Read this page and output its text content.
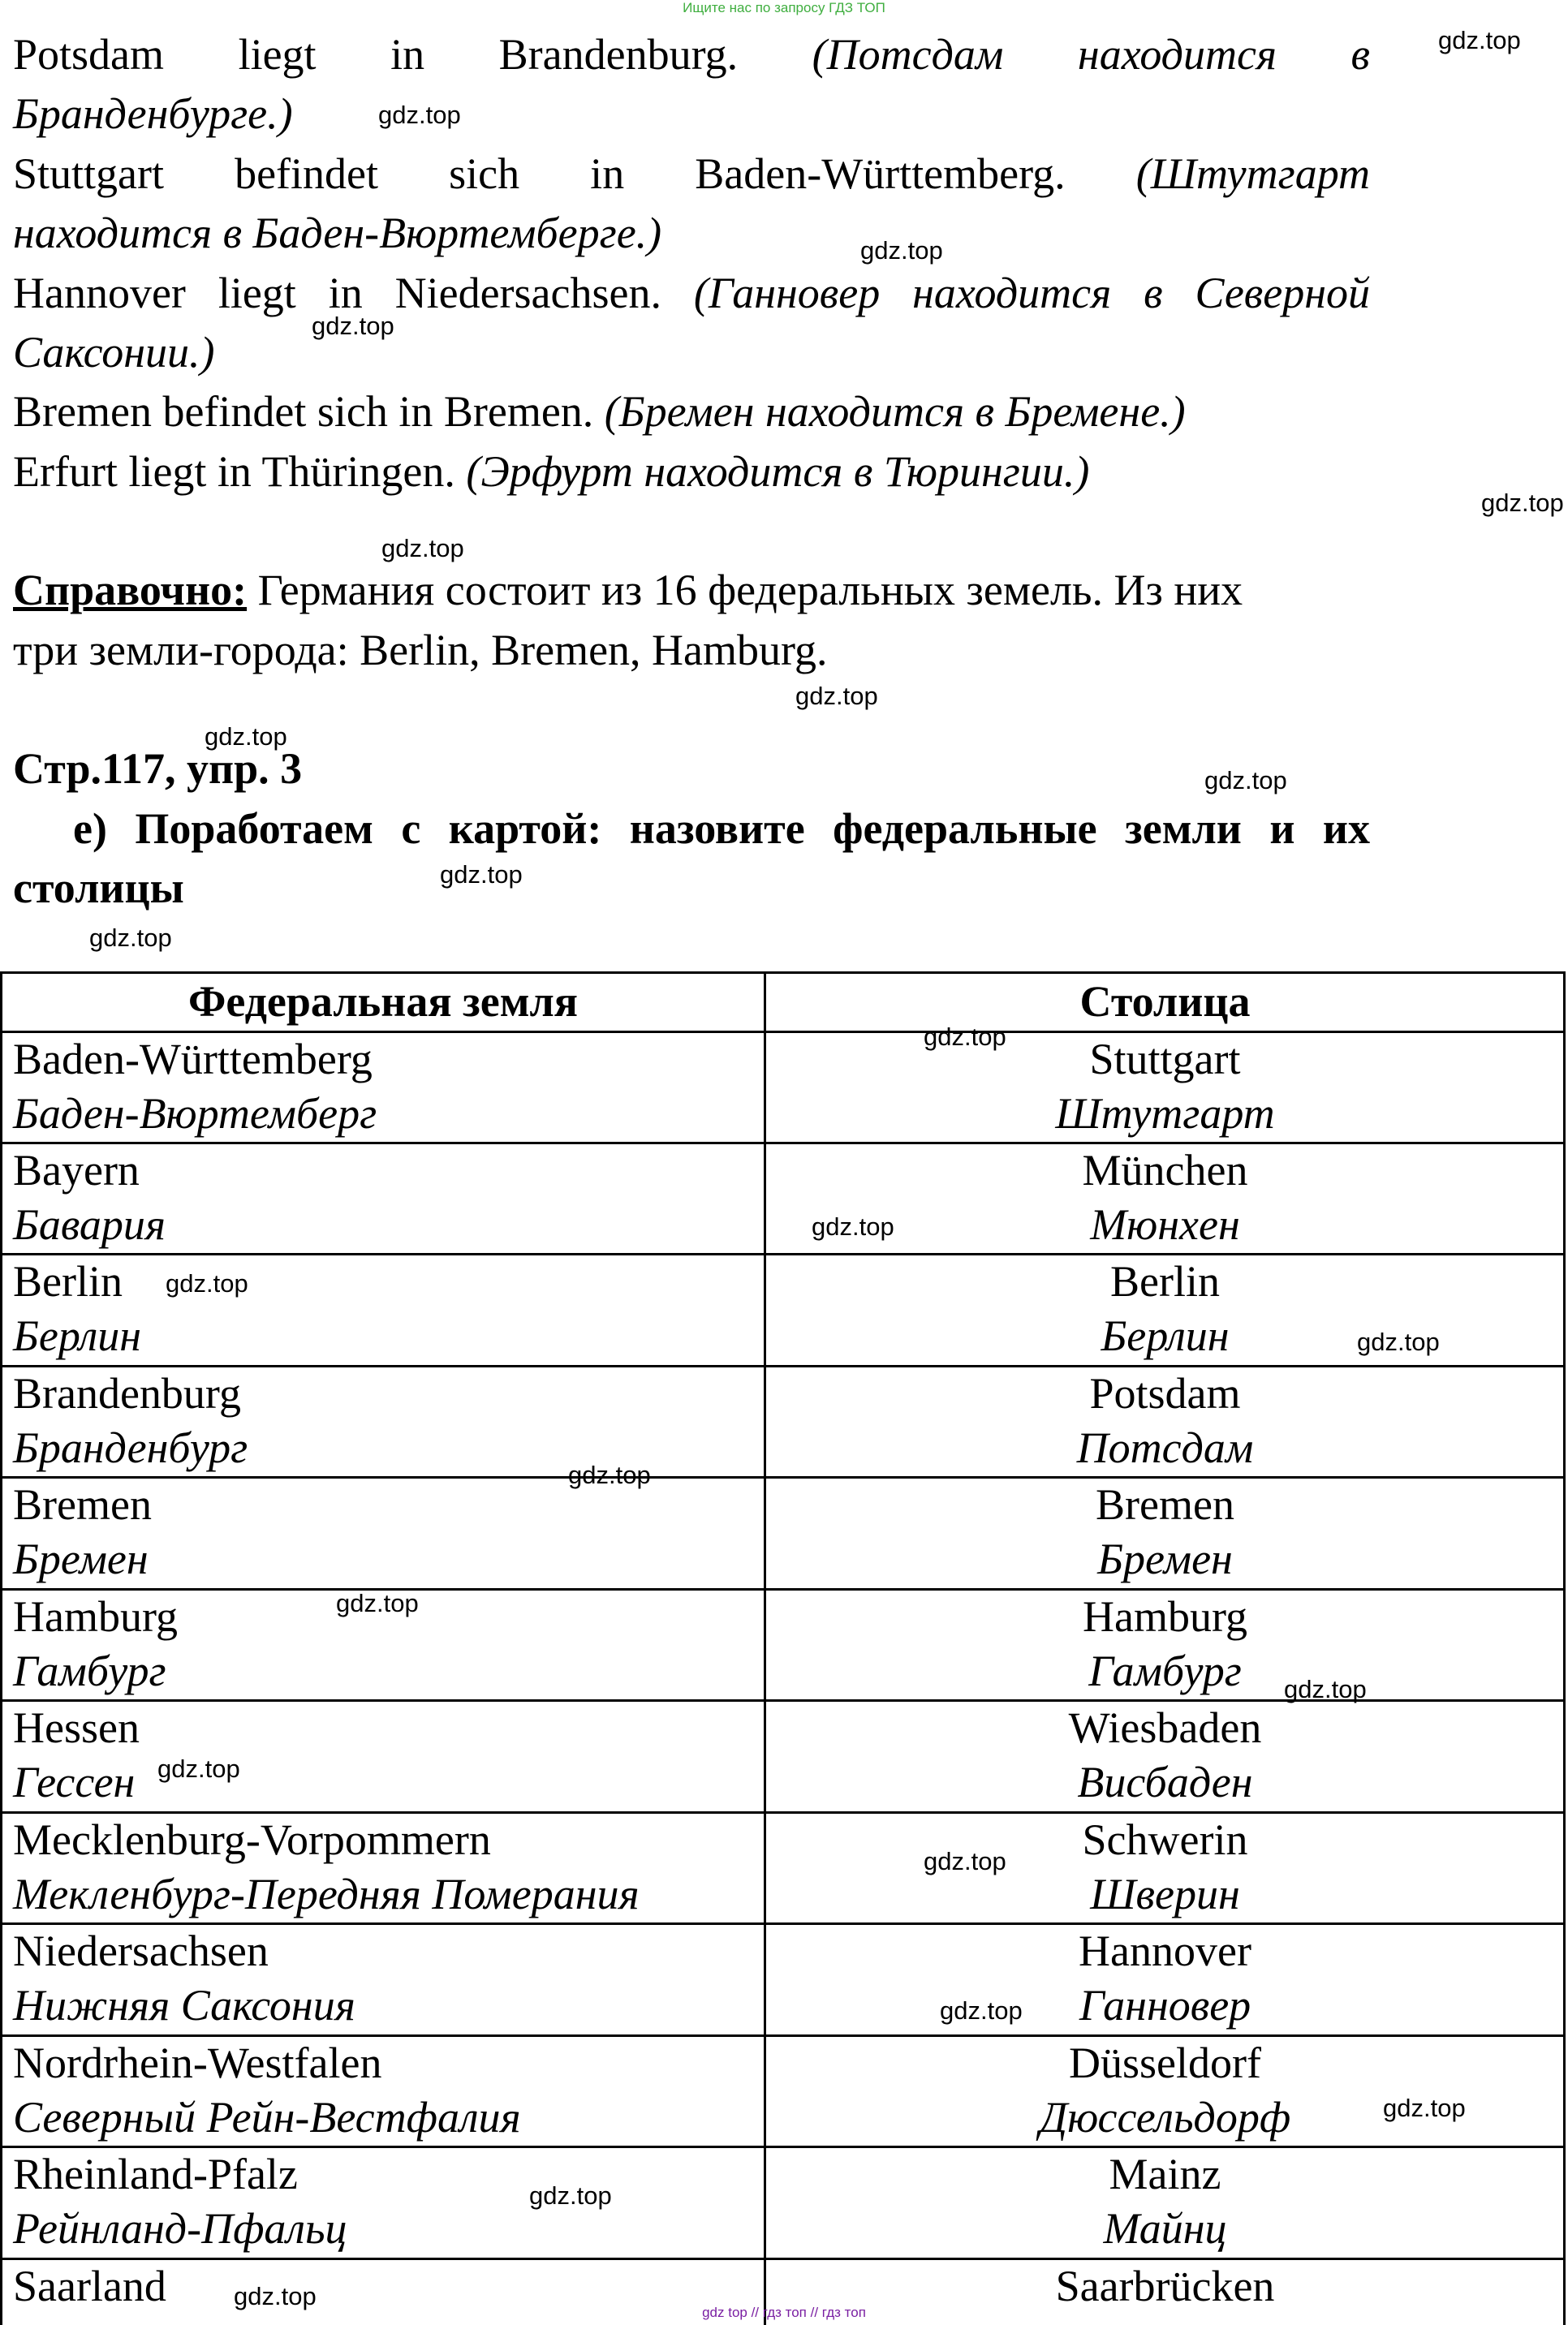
Ищите нас по запросу ГДЗ ТОП
Potsdam liegt in Brandenburg. (Потсдам находится в
Бранденбурге.)
Stuttgart befindet sich in Baden-Württemberg. (Штутгарт
находится в Баден-Вюртемберге.)
Hannover liegt in Niedersachsen. (Ганновер находится в Северной
Саксонии.)
Bremen befindet sich in Bremen. (Бремен находится в Бремене.)
Erfurt liegt in Thüringen. (Эрфурт находится в Тюрингии.)
Справочно: Германия состоит из 16 федеральных земель. Из них
три земли-города: Berlin, Bremen, Hamburg.
Стр.117, упр. 3
e) Поработаем с картой: назовите федеральные земли и их
столицы
Федеральная земля	Столица
Baden-Württemberg
Баден-Вюртемберг
Stuttgart
Штутгарт
Bayern
Бавария
München
Мюнхен
Berlin
Берлин
Berlin
Берлин
Brandenburg
Бранденбург
Potsdam
Потсдам
Bremen
Бремен
Bremen
Бремен
Hamburg
Гамбург
Hamburg
Гамбург
Hessen
Гессен
Wiesbaden
Висбаден
Mecklenburg-Vorpommern
Мекленбург-Передняя Померания
Schwerin
Шверин
Niedersachsen
Нижняя Саксония
Hannover
Ганновер
Nordrhein-Westfalen
Северный Рейн-Вестфалия
Düsseldorf
Дюссельдорф
Rheinland-Pfalz
Рейнланд-Пфальц
Mainz
Майнц
Saarland	Saarbrücken
gdz.top
gdz.top
gdz.top
gdz.top
gdz.top
gdz.top
gdz.top
gdz.top
gdz.top
gdz.top
gdz.top
gdz.top
gdz.top
gdz.top
gdz.top
gdz.top
gdz.top
gdz.top
gdz.top
gdz.top
gdz.top
gdz.top
gdz.top
gdz.top
gdz top // гдз топ // гдз топ
